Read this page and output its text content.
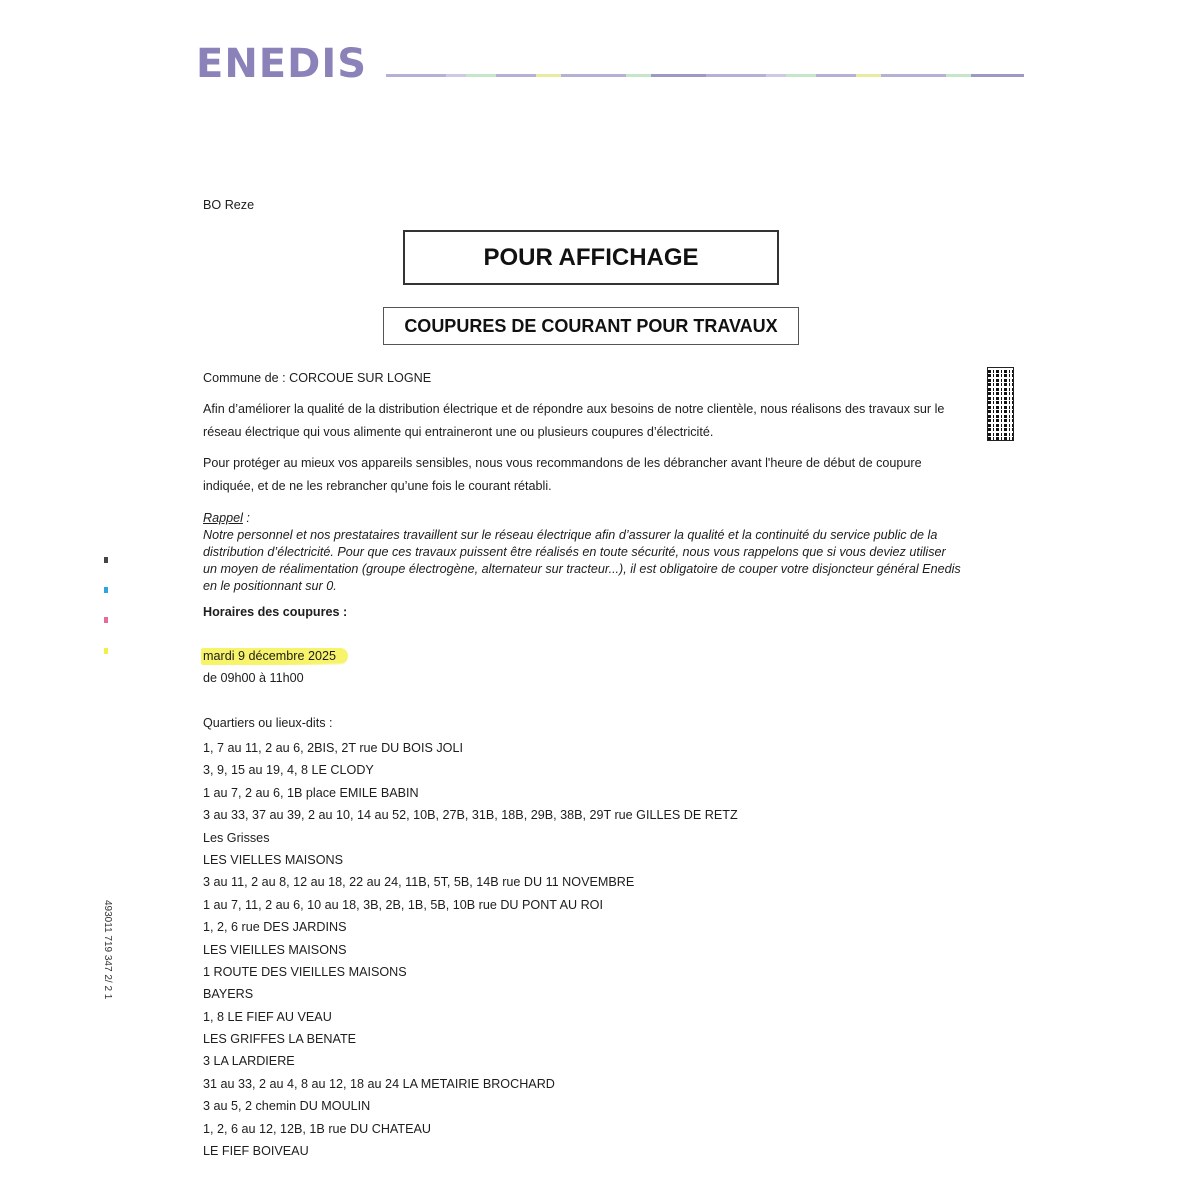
ENEDIS
BO Reze
POUR AFFICHAGE
COUPURES DE COURANT POUR TRAVAUX
Commune de : CORCOUE SUR LOGNE
Afin d’améliorer la qualité de la distribution électrique et de répondre aux besoins de notre clientèle, nous réalisons des travaux sur le réseau électrique qui vous alimente qui entraineront une ou plusieurs coupures d’électricité.
Pour protéger au mieux vos appareils sensibles, nous vous recommandons de les débrancher avant l'heure de début de coupure indiquée, et de ne les rebrancher qu’une fois le courant rétabli.
Rappel :
Notre personnel et nos prestataires travaillent sur le réseau électrique afin d’assurer la qualité et la continuité du service public de la distribution d’électricité. Pour que ces travaux puissent être réalisés en toute sécurité, nous vous rappelons que si vous deviez utiliser un moyen de réalimentation (groupe électrogène, alternateur sur tracteur...), il est obligatoire de couper votre disjoncteur général Enedis en le positionnant sur 0.
Horaires des coupures :
mardi 9 décembre 2025
de 09h00 à 11h00
Quartiers ou lieux-dits :
1, 7 au 11, 2 au 6, 2BIS, 2T rue DU BOIS JOLI
3, 9, 15 au 19, 4, 8 LE CLODY
1 au 7, 2 au 6, 1B place EMILE BABIN
3 au 33, 37 au 39, 2 au 10, 14 au 52, 10B, 27B, 31B, 18B, 29B, 38B, 29T rue GILLES DE RETZ
Les Grisses
LES VIELLES MAISONS
3 au 11, 2 au 8, 12 au 18, 22 au 24, 11B, 5T, 5B, 14B rue DU 11 NOVEMBRE
1 au 7, 11, 2 au 6, 10 au 18, 3B, 2B, 1B, 5B, 10B rue DU PONT AU ROI
1, 2, 6 rue DES JARDINS
LES VIEILLES MAISONS
1 ROUTE DES VIEILLES MAISONS
BAYERS
1, 8 LE FIEF AU VEAU
LES GRIFFES LA BENATE
3 LA LARDIERE
31 au 33, 2 au 4, 8 au 12, 18 au 24 LA METAIRIE BROCHARD
3 au 5, 2 chemin DU MOULIN
1, 2, 6 au 12, 12B, 1B rue DU CHATEAU
LE FIEF BOIVEAU
493011 719 347 2/ 2 1
